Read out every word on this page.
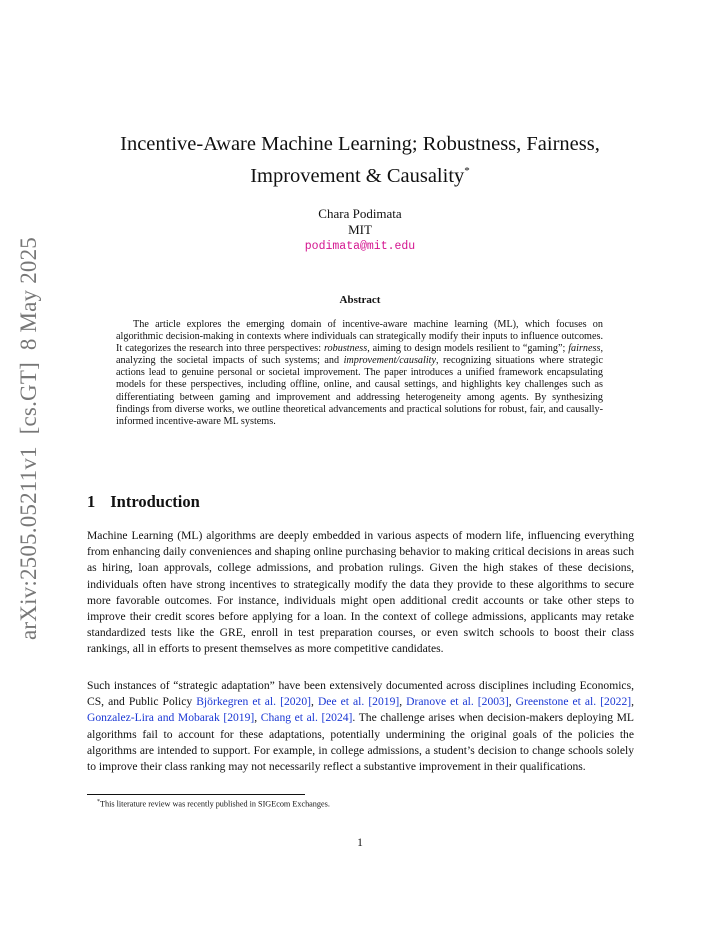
arXiv:2505.05211v1  [cs.GT]  8 May 2025
Incentive-Aware Machine Learning; Robustness, Fairness,
Improvement & Causality*
Chara Podimata
MIT
podimata@mit.edu
Abstract

The article explores the emerging domain of incentive-aware machine learning (ML), which focuses on algorithmic decision-making in contexts where individuals can strategically modify their inputs to influence outcomes. It categorizes the research into three perspectives: robustness, aiming to design models resilient to “gaming”; fairness, analyzing the societal impacts of such systems; and improvement/causality, recognizing situations where strategic actions lead to genuine personal or societal improvement. The paper introduces a unified framework encapsulating models for these perspectives, including offline, online, and causal settings, and highlights key challenges such as differentiating between gaming and improvement and addressing heterogeneity among agents. By synthesizing findings from diverse works, we outline theoretical advancements and practical solutions for robust, fair, and causally-informed incentive-aware ML systems.

1 Introduction

Machine Learning (ML) algorithms are deeply embedded in various aspects of modern life, influencing everything from enhancing daily conveniences and shaping online purchasing behavior to making critical decisions in areas such as hiring, loan approvals, college admissions, and probation rulings. Given the high stakes of these decisions, individuals often have strong incentives to strategically modify the data they provide to these algorithms to secure more favorable outcomes. For instance, individuals might open additional credit accounts or take other steps to improve their credit scores before applying for a loan. In the context of college admissions, applicants may retake standardized tests like the GRE, enroll in test preparation courses, or even switch schools to boost their class rankings, all in efforts to present themselves as more competitive candidates.

Such instances of “strategic adaptation” have been extensively documented across disciplines including Economics, CS, and Public Policy Björkegren et al. [2020], Dee et al. [2019], Dranove et al. [2003], Greenstone et al. [2022], Gonzalez-Lira and Mobarak [2019], Chang et al. [2024]. The challenge arises when decision-makers deploying ML algorithms fail to account for these adaptations, potentially undermining the original goals of the policies the algorithms are intended to support. For example, in college admissions, a student’s decision to change schools solely to improve their class ranking may not necessarily reflect a substantive improvement in their qualifications.

*This literature review was recently published in SIGEcom Exchanges.

1
